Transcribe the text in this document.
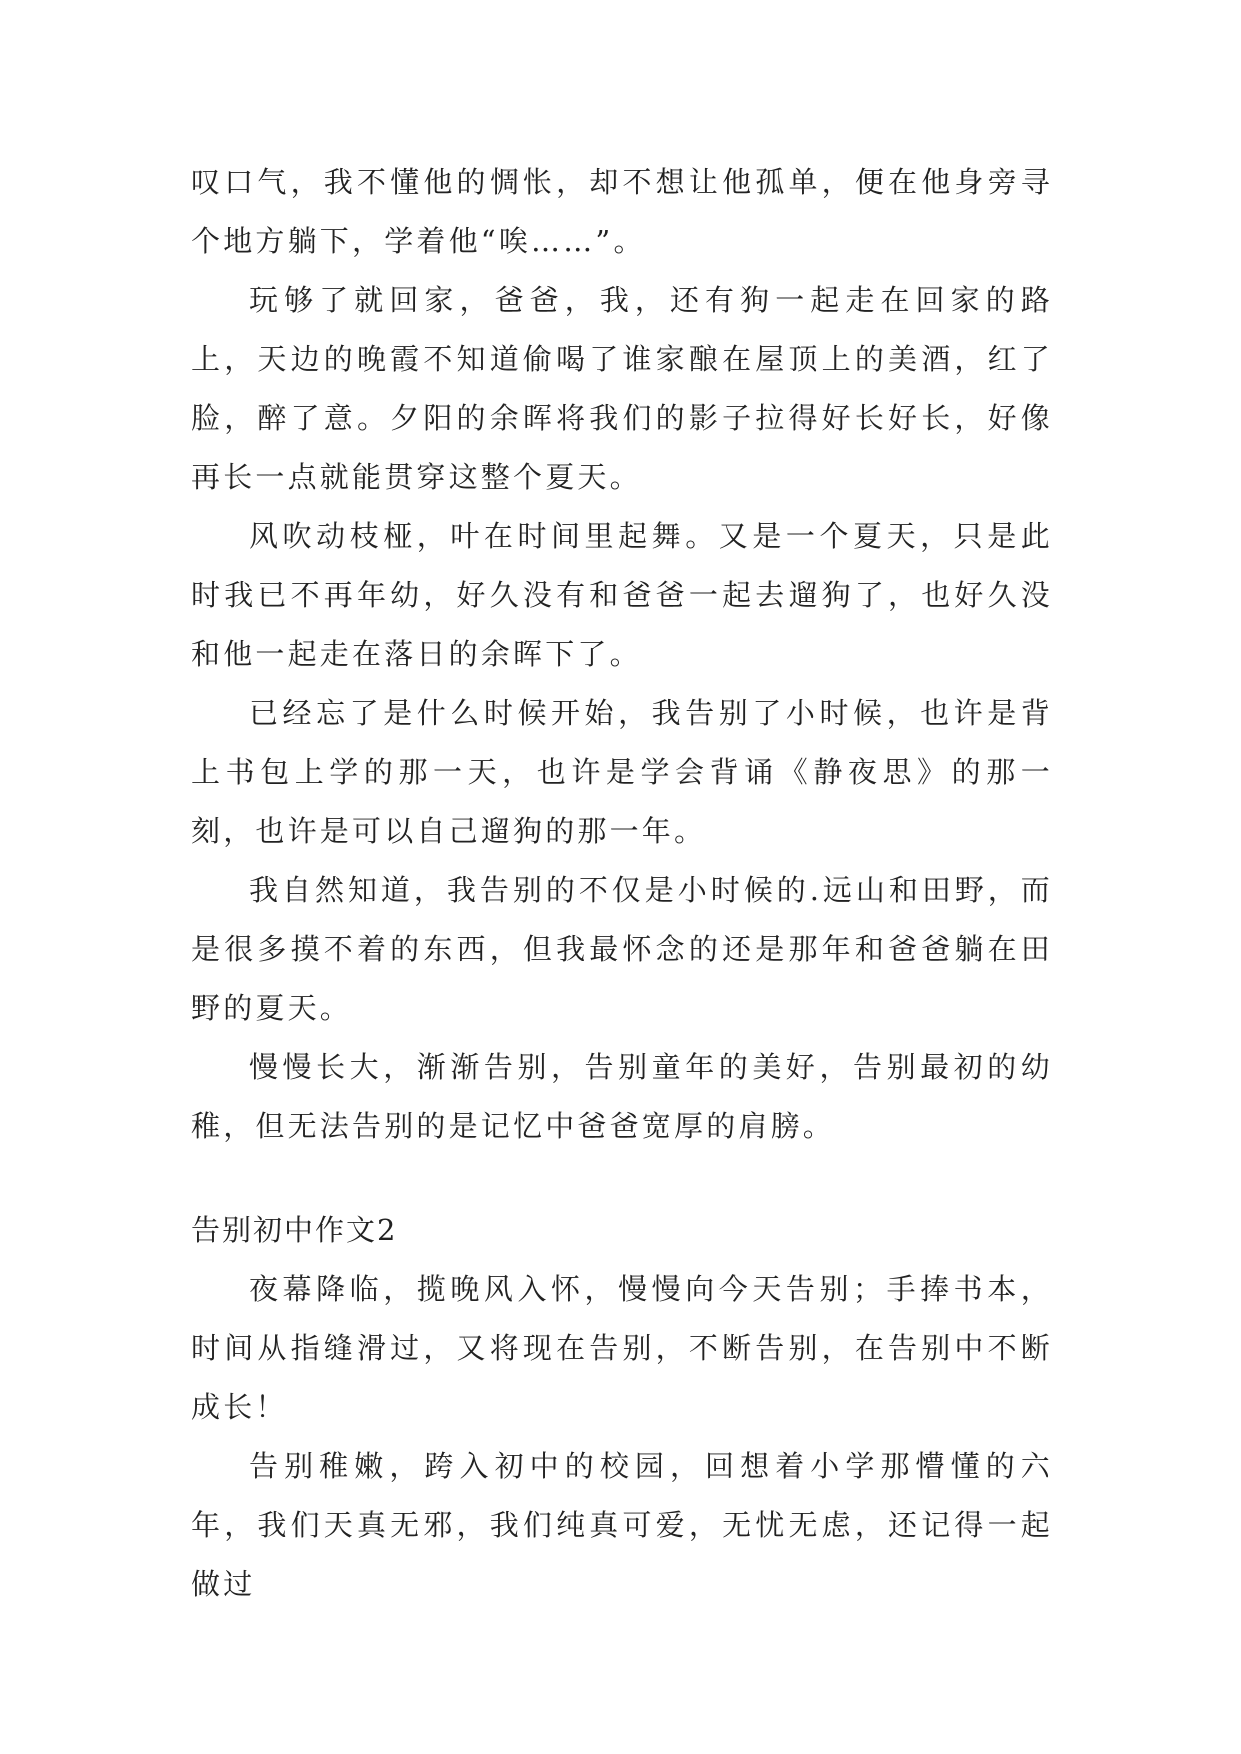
叹口气，我不懂他的惆怅，却不想让他孤单，便在他身旁寻个地方躺下，学着他“唉……”。

玩够了就回家，爸爸，我，还有狗一起走在回家的路上，天边的晚霞不知道偷喝了谁家酿在屋顶上的美酒，红了脸，醉了意。夕阳的余晖将我们的影子拉得好长好长，好像再长一点就能贯穿这整个夏天。

风吹动枝桠，叶在时间里起舞。又是一个夏天，只是此时我已不再年幼，好久没有和爸爸一起去遛狗了，也好久没和他一起走在落日的余晖下了。

已经忘了是什么时候开始，我告别了小时候，也许是背上书包上学的那一天，也许是学会背诵《静夜思》的那一刻，也许是可以自己遛狗的那一年。

我自然知道，我告别的不仅是小时候的.远山和田野，而是很多摸不着的东西，但我最怀念的还是那年和爸爸躺在田野的夏天。

慢慢长大，渐渐告别，告别童年的美好，告别最初的幼稚，但无法告别的是记忆中爸爸宽厚的肩膀。

告别初中作文2

夜幕降临，揽晚风入怀，慢慢向今天告别；手捧书本，时间从指缝滑过，又将现在告别，不断告别，在告别中不断成长！

告别稚嫩，跨入初中的校园，回想着小学那懵懂的六年，我们天真无邪，我们纯真可爱，无忧无虑，还记得一起做过
